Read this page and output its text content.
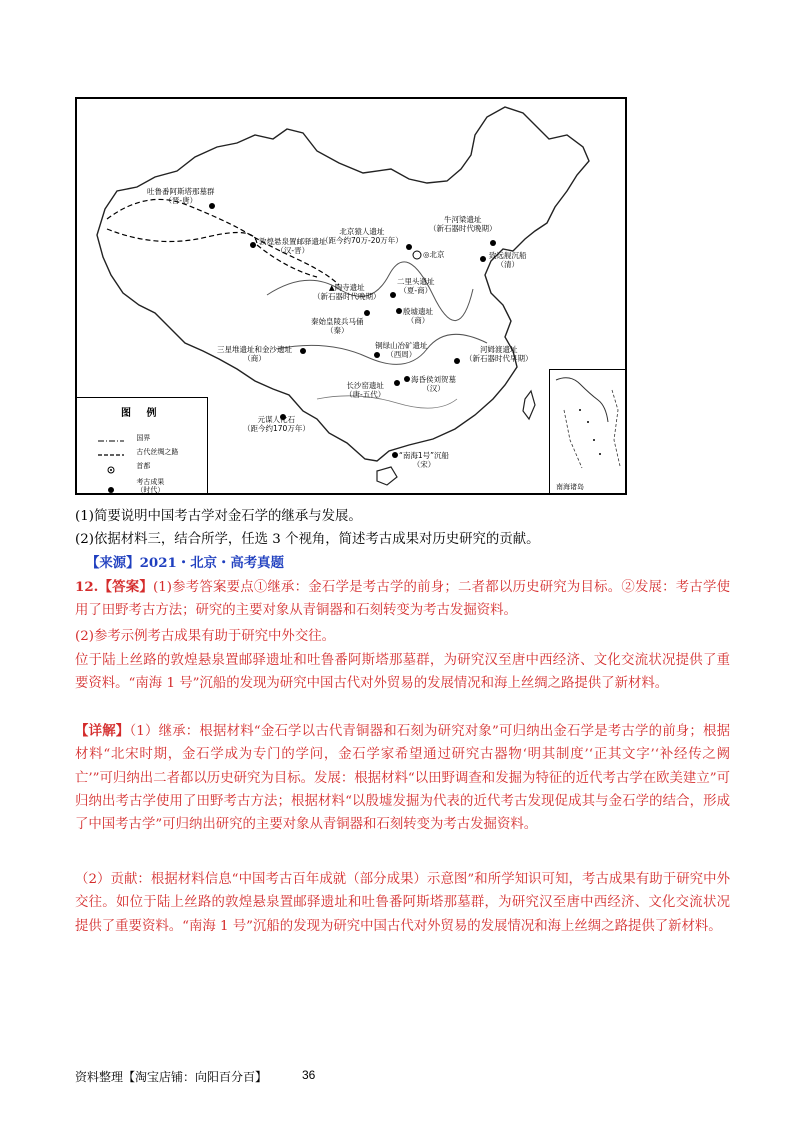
吐鲁番阿斯塔那墓群
（晋-唐）
敦煌悬泉置邮驿遗址
（汉-晋）
北京猿人遗址
（距今约70万-20万年）
牛河梁遗址
（新石器时代晚期）
◎北京	致远舰沉船
（清）
二里头遗址
（夏-商）
▲陶寺遗址
（新石器时代晚期）
殷墟遗址
（商）
秦始皇陵兵马俑
（秦）
三星堆遗址和金沙遗址
（商）
铜绿山冶矿遗址
（西周）
河姆渡遗址
（新石器时代早期）
长沙窑遗址
（唐-五代）
海昏侯刘贺墓
（汉）
元谋人化石
（距今约170万年）
“南海1号”沉船
（宋）
图 例

国界

古代丝绸之路

首都

考古成果
（时代）
	南海诸岛
(1)简要说明中国考古学对金石学的继承与发展。
(2)依据材料三，结合所学，任选 3 个视角，简述考古成果对历史研究的贡献。
【来源】2021・北京・高考真题
12.【答案】(1)参考答案要点①继承：金石学是考古学的前身；二者都以历史研究为目标。②发展：考古学使用了田野考古方法；研究的主要对象从青铜器和石刻转变为考古发掘资料。
(2)参考示例考古成果有助于研究中外交往。
位于陆上丝路的敦煌悬泉置邮驿遗址和吐鲁番阿斯塔那墓群，为研究汉至唐中西经济、文化交流状况提供了重要资料。“南海 1 号”沉船的发现为研究中国古代对外贸易的发展情况和海上丝绸之路提供了新材料。
【详解】（1）继承：根据材料“金石学以古代青铜器和石刻为研究对象”可归纳出金石学是考古学的前身；根据材料“北宋时期，金石学成为专门的学问，金石学家希望通过研究古器物‘明其制度’‘正其文字’‘补经传之阙亡’”可归纳出二者都以历史研究为目标。发展：根据材料“以田野调查和发掘为特征的近代考古学在欧美建立”可归纳出考古学使用了田野考古方法；根据材料“以殷墟发掘为代表的近代考古发现促成其与金石学的结合，形成了中国考古学”可归纳出研究的主要对象从青铜器和石刻转变为考古发掘资料。
（2）贡献：根据材料信息“中国考古百年成就（部分成果）示意图”和所学知识可知，考古成果有助于研究中外交往。如位于陆上丝路的敦煌悬泉置邮驿遗址和吐鲁番阿斯塔那墓群，为研究汉至唐中西经济、文化交流状况提供了重要资料。“南海 1 号”沉船的发现为研究中国古代对外贸易的发展情况和海上丝绸之路提供了新材料。
资料整理【淘宝店铺：向阳百分百】	36
